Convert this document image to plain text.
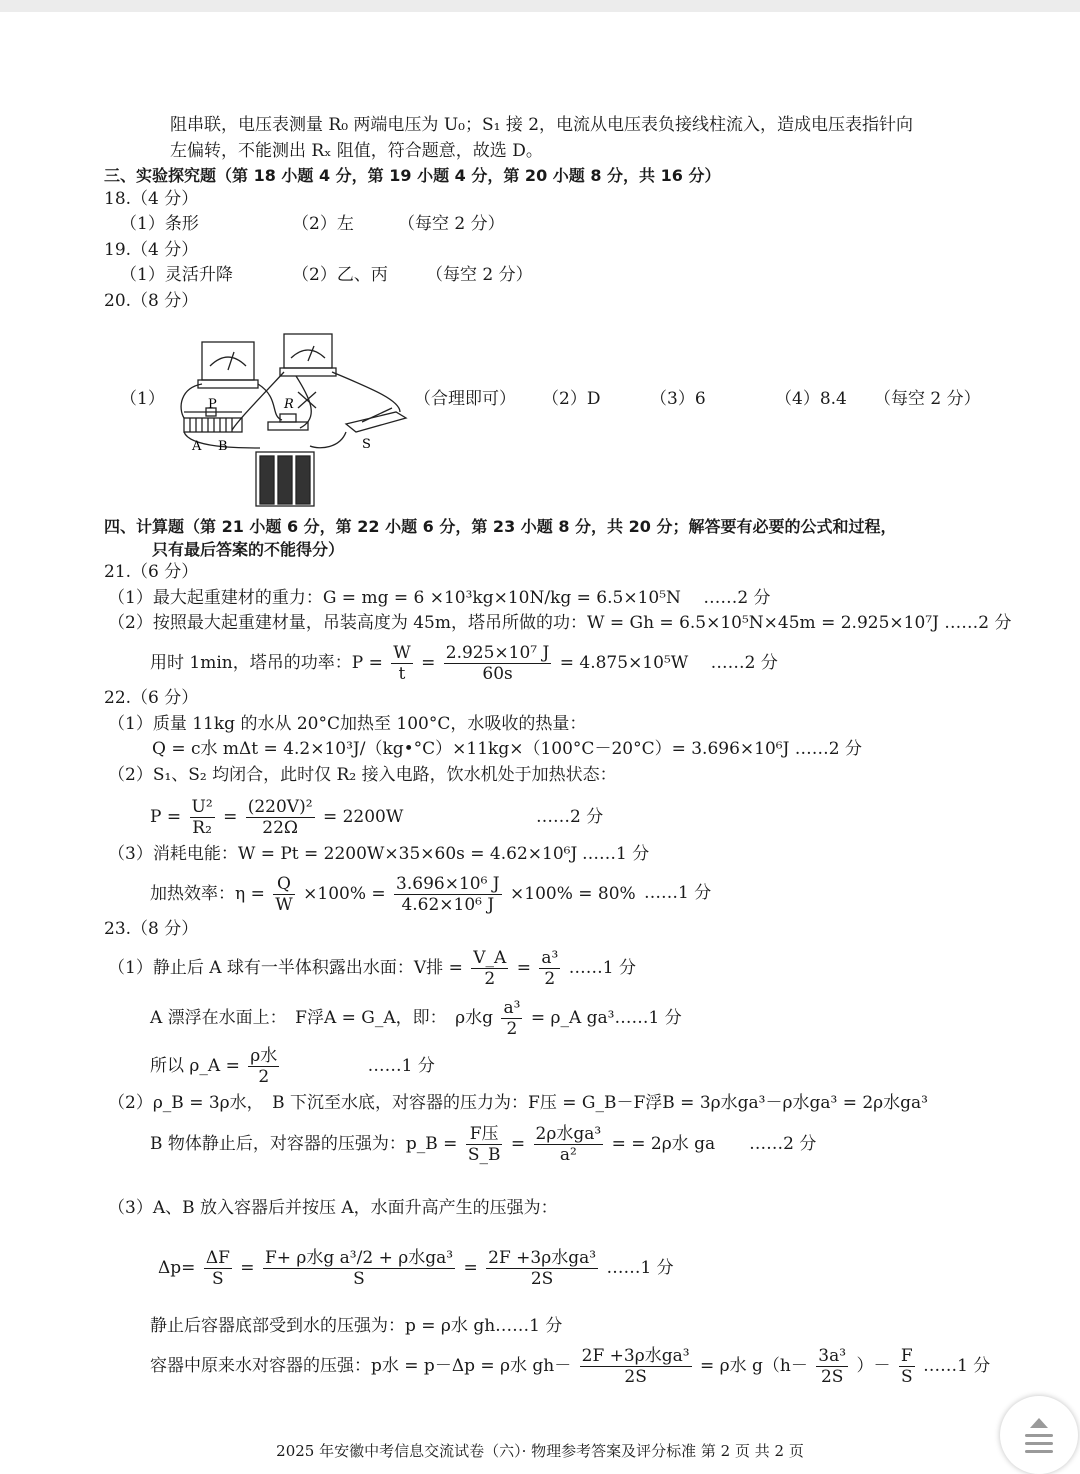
阻串联，电压表测量 R₀ 两端电压为 U₀；S₁ 接 2，电流从电压表负接线柱流入，造成电压表指针向
左偏转，不能测出 Rₓ 阻值，符合题意，故选 D。
三、实验探究题（第 18 小题 4 分，第 19 小题 4 分，第 20 小题 8 分，共 16 分）
18.（4 分）
（1）条形	（2）左	（每空 2 分）
19.（4 分）
（1）灵活升降	（2）乙、丙 （每空 2 分）
20.（8 分）
（1）	P
A B
R
S
（合理即可） （2）D	（3）6	（4）8.4 （每空 2 分）
四、计算题（第 21 小题 6 分，第 22 小题 6 分，第 23 小题 8 分，共 20 分；解答要有必要的公式和过程，
只有最后答案的不能得分）
21.（6 分）
（1）最大起重建材的重力：G = mg = 6 ×10³kg×10N/kg = 6.5×10⁵N　 ……2 分
（2）按照最大起重建材量，吊装高度为 45m，塔吊所做的功：W = Gh = 6.5×10⁵N×45m = 2.925×10⁷J ……2 分
用时 1min，塔吊的功率：$P = \frac{W}{t} = \frac{\text{2.925×10⁷ J}}{60s} = 4.875\times 10^5W$　 ……2 分
22.（6 分）
（1）质量 11kg 的水从 20°C加热至 100°C，水吸收的热量：
Q = c水 mΔt = 4.2×10³J/（kg•°C）×11kg×（100°C－20°C）= 3.696×10⁶J ……2 分
（2）S₁、S₂ 均闭合，此时仅 R₂ 接入电路，饮水机处于加热状态：
$P = \frac{\text{U²}}{\text{R₂}} = \frac{\text{(220V)²}}{22\Omega} = 2200W$	……2 分
（3）消耗电能：W = Pt = 2200W×35×60s = 4.62×10⁶J ……1 分
加热效率：$\eta = \frac{Q}{W} \times 100\% = \frac{\text{3.696×10⁶ J}}{\text{4.62×10⁶ J}} \times 100\% = 80\%$ ……1 分
23.（8 分）
（1）静止后 A 球有一半体积露出水面：V排 = $\frac{V\_A}{2} = \frac{\text{a³}}{2}$ ……1 分
A 漂浮在水面上：　F浮A = G_A，即：　ρ水g $\frac{\text{a³}}{2}$ = ρ_A ga³……1 分
所以 ρ_A = $\frac{\text{ρ水}}{2}$	……1 分
（2）ρ_B = 3ρ水，　B 下沉至水底，对容器的压力为：F压 = G_B－F浮B = 3ρ水ga³－ρ水ga³ = 2ρ水ga³
B 物体静止后，对容器的压强为：p_B = $\frac{\text{F压}}{S\_B} = \frac{\text{2ρ水ga³}}{\text{a²}}$ = = 2ρ水 ga　　……2 分
（3）A、B 放入容器后并按压 A，水面升高产生的压强为：
$\Delta p= \frac{\Delta F}{S} = \frac{\text{F+ ρ水g a³/2 + ρ水ga³}}{S} = \frac{\text{2F +3ρ水ga³}}{2S}$ ……1 分
静止后容器底部受到水的压强为：p = ρ水 gh……1 分
容器中原来水对容器的压强：p水 = p－Δp = ρ水 $gh- \frac{\text{2F +3ρ水ga³}}{2S} = \rho$水 $g(h- \frac{\text{3a³}}{2S}$ ）－ $\frac{F}{S}$ ……1 分
2025 年安徽中考信息交流试卷（六）· 物理参考答案及评分标准 第 2 页 共 2 页
